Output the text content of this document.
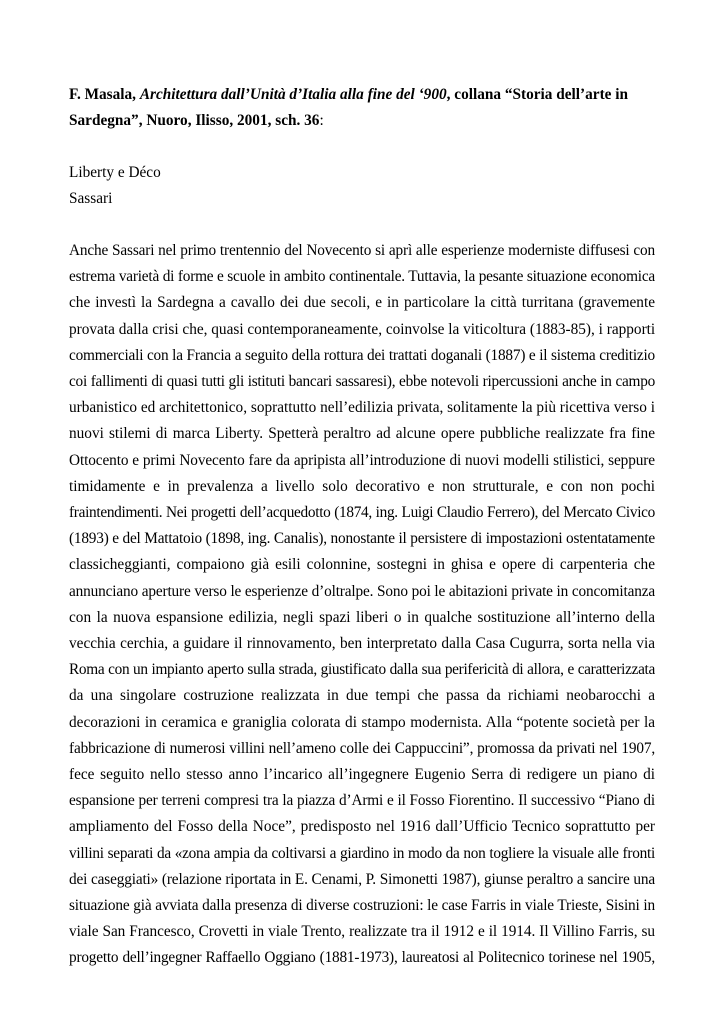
F. Masala, Architettura dall’Unità d’Italia alla fine del ‘900, collana “Storia dell’arte in Sardegna”, Nuoro, Ilisso, 2001, sch. 36:

Liberty e Déco
Sassari
Anche Sassari nel primo trentennio del Novecento si aprì alle esperienze moderniste diffusesi con
estrema varietà di forme e scuole in ambito continentale. Tuttavia, la pesante situazione economica
che investì la Sardegna a cavallo dei due secoli, e in particolare la città turritana (gravemente
provata dalla crisi che, quasi contemporaneamente, coinvolse la viticoltura (1883-85), i rapporti
commerciali con la Francia a seguito della rottura dei trattati doganali (1887) e il sistema creditizio
coi fallimenti di quasi tutti gli istituti bancari sassaresi), ebbe notevoli ripercussioni anche in campo
urbanistico ed architettonico, soprattutto nell’edilizia privata, solitamente la più ricettiva verso i
nuovi stilemi di marca Liberty. Spetterà peraltro ad alcune opere pubbliche realizzate fra fine
Ottocento e primi Novecento fare da apripista all’introduzione di nuovi modelli stilistici, seppure
timidamente e in prevalenza a livello solo decorativo e non strutturale, e con non pochi
fraintendimenti. Nei progetti dell’acquedotto (1874, ing. Luigi Claudio Ferrero), del Mercato Civico
(1893) e del Mattatoio (1898, ing. Canalis), nonostante il persistere di impostazioni ostentatamente
classicheggianti, compaiono già esili colonnine, sostegni in ghisa e opere di carpenteria che
annunciano aperture verso le esperienze d’oltralpe. Sono poi le abitazioni private in concomitanza
con la nuova espansione edilizia, negli spazi liberi o in qualche sostituzione all’interno della
vecchia cerchia, a guidare il rinnovamento, ben interpretato dalla Casa Cugurra, sorta nella via
Roma con un impianto aperto sulla strada, giustificato dalla sua perifericità di allora, e caratterizzata
da una singolare costruzione realizzata in due tempi che passa da richiami neobarocchi a
decorazioni in ceramica e graniglia colorata di stampo modernista. Alla “potente società per la
fabbricazione di numerosi villini nell’ameno colle dei Cappuccini”, promossa da privati nel 1907,
fece seguito nello stesso anno l’incarico all’ingegnere Eugenio Serra di redigere un piano di
espansione per terreni compresi tra la piazza d’Armi e il Fosso Fiorentino. Il successivo “Piano di
ampliamento del Fosso della Noce”, predisposto nel 1916 dall’Ufficio Tecnico soprattutto per
villini separati da «zona ampia da coltivarsi a giardino in modo da non togliere la visuale alle fronti
dei caseggiati» (relazione riportata in E. Cenami, P. Simonetti 1987), giunse peraltro a sancire una
situazione già avviata dalla presenza di diverse costruzioni: le case Farris in viale Trieste, Sisini in
viale San Francesco, Crovetti in viale Trento, realizzate tra il 1912 e il 1914. Il Villino Farris, su
progetto dell’ingegner Raffaello Oggiano (1881-1973), laureatosi al Politecnico torinese nel 1905,
